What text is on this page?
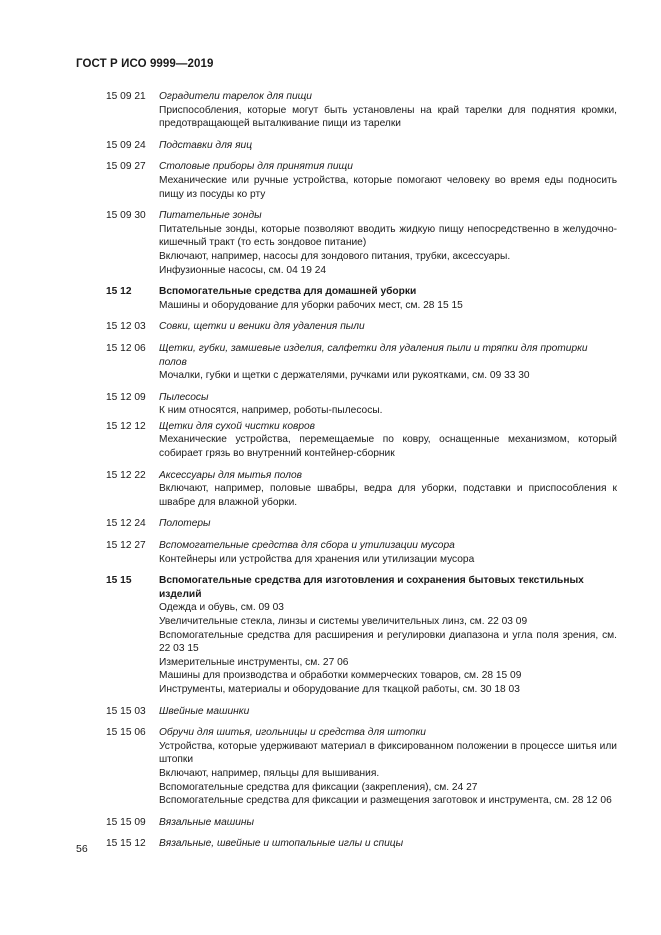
ГОСТ Р ИСО 9999—2019
15 09 21	Оградители тарелок для пищи
Приспособления, которые могут быть установлены на край тарелки для поднятия кромки, предотвращающей выталкивание пищи из тарелки
15 09 24	Подставки для яиц
15 09 27	Столовые приборы для принятия пищи
Механические или ручные устройства, которые помогают человеку во время еды подносить пищу из посуды ко рту
15 09 30	Питательные зонды
Питательные зонды, которые позволяют вводить жидкую пищу непосредственно в желудочно-кишечный тракт (то есть зондовое питание)
Включают, например, насосы для зондового питания, трубки, аксессуары.
Инфузионные насосы, см. 04 19 24
15 12	Вспомогательные средства для домашней уборки
Машины и оборудование для уборки рабочих мест, см. 28 15 15
15 12 03	Совки, щетки и веники для удаления пыли
15 12 06	Щетки, губки, замшевые изделия, салфетки для удаления пыли и тряпки для протирки полов
Мочалки, губки и щетки с держателями, ручками или рукоятками, см. 09 33 30
15 12 09	Пылесосы
К ним относятся, например, роботы-пылесосы.
15 12 12	Щетки для сухой чистки ковров
Механические устройства, перемещаемые по ковру, оснащенные механизмом, который собирает грязь во внутренний контейнер-сборник
15 12 22	Аксессуары для мытья полов
Включают, например, половые швабры, ведра для уборки, подставки и приспособления к швабре для влажной уборки.
15 12 24	Полотеры
15 12 27	Вспомогательные средства для сбора и утилизации мусора
Контейнеры или устройства для хранения или утилизации мусора
15 15	Вспомогательные средства для изготовления и сохранения бытовых текстильных изделий
Одежда и обувь, см. 09 03
Увеличительные стекла, линзы и системы увеличительных линз, см. 22 03 09
Вспомогательные средства для расширения и регулировки диапазона и угла поля зрения, см. 22 03 15
Измерительные инструменты, см. 27 06
Машины для производства и обработки коммерческих товаров, см. 28 15 09
Инструменты, материалы и оборудование для ткацкой работы, см. 30 18 03
15 15 03	Швейные машинки
15 15 06	Обручи для шитья, игольницы и средства для штопки
Устройства, которые удерживают материал в фиксированном положении в процессе шитья или штопки
Включают, например, пяльцы для вышивания.
Вспомогательные средства для фиксации (закрепления), см. 24 27
Вспомогательные средства для фиксации и размещения заготовок и инструмента, см. 28 12 06
15 15 09	Вязальные машины
15 15 12	Вязальные, швейные и штопальные иглы и спицы
56
